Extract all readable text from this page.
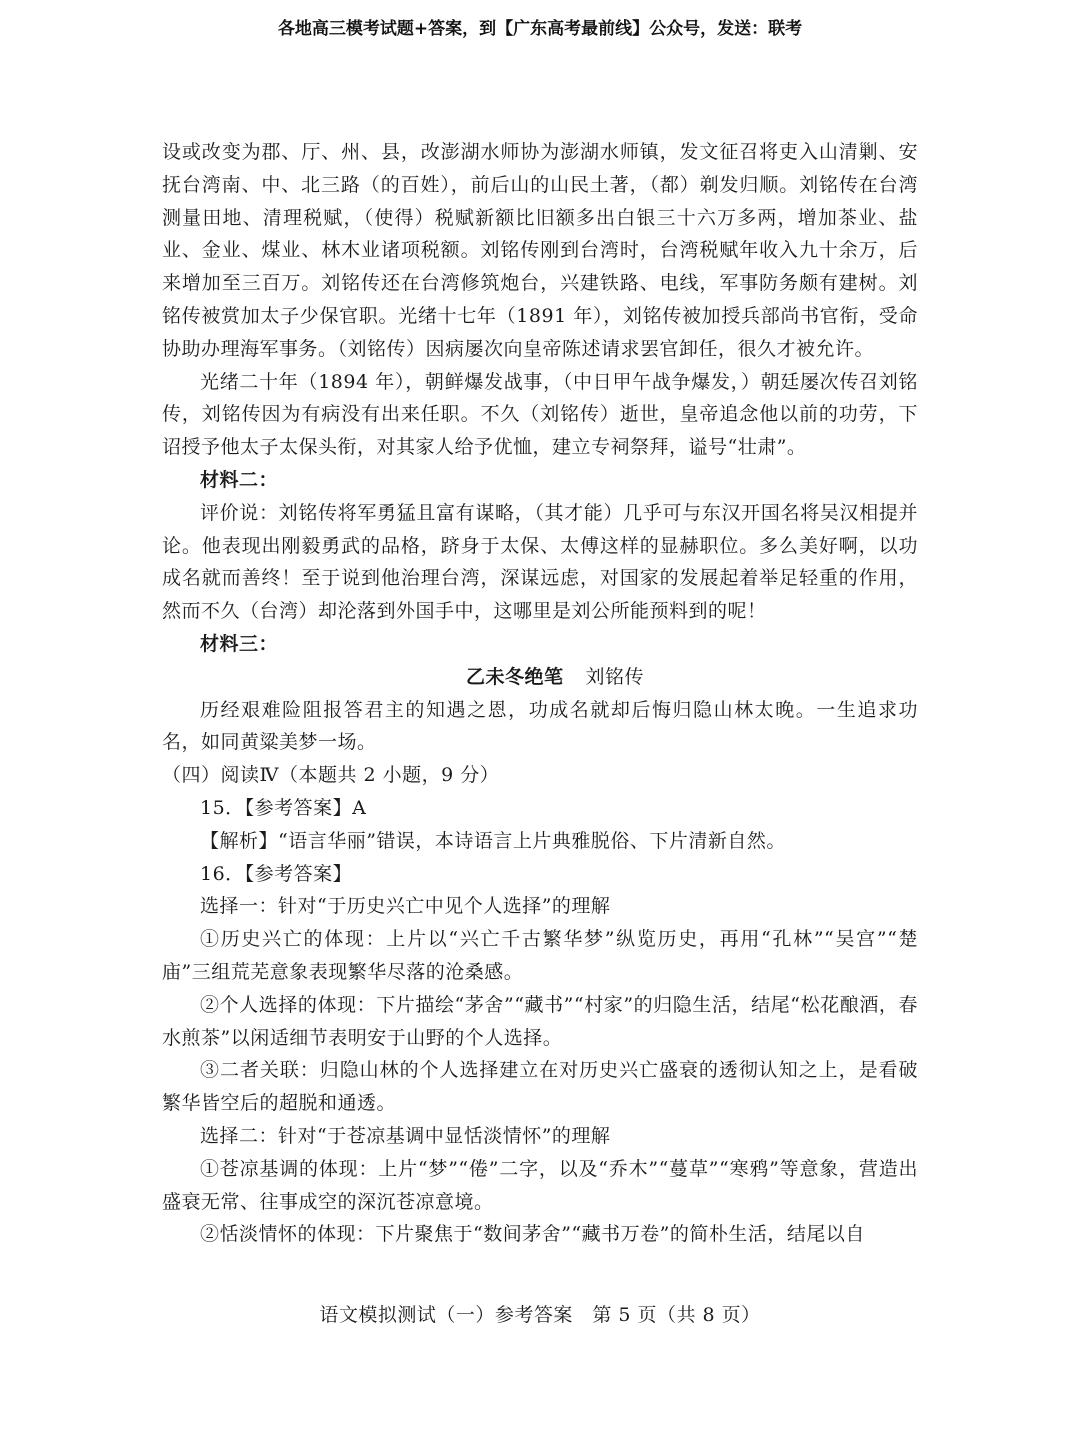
各地高三模考试题+答案，到【广东高考最前线】公众号，发送：联考

设或改变为郡、厅、州、县，改澎湖水师协为澎湖水师镇，发文征召将吏入山清剿、安抚台湾南、中、北三路（的百姓），前后山的山民土著，（都）剃发归顺。刘铭传在台湾测量田地、清理税赋，（使得）税赋新额比旧额多出白银三十六万多两，增加茶业、盐业、金业、煤业、林木业诸项税额。刘铭传刚到台湾时，台湾税赋年收入九十余万，后来增加至三百万。刘铭传还在台湾修筑炮台，兴建铁路、电线，军事防务颇有建树。刘铭传被赏加太子少保官职。光绪十七年（1891 年），刘铭传被加授兵部尚书官衔，受命协助办理海军事务。（刘铭传）因病屡次向皇帝陈述请求罢官卸任，很久才被允许。

光绪二十年（1894 年），朝鲜爆发战事，（中日甲午战争爆发，）朝廷屡次传召刘铭传，刘铭传因为有病没有出来任职。不久（刘铭传）逝世，皇帝追念他以前的功劳，下诏授予他太子太保头衔，对其家人给予优恤，建立专祠祭拜，谥号“壮肃”。

材料二：

评价说：刘铭传将军勇猛且富有谋略，（其才能）几乎可与东汉开国名将吴汉相提并论。他表现出刚毅勇武的品格，跻身于太保、太傅这样的显赫职位。多么美好啊，以功成名就而善终！至于说到他治理台湾，深谋远虑，对国家的发展起着举足轻重的作用，然而不久（台湾）却沦落到外国手中，这哪里是刘公所能预料到的呢！

材料三：

乙未冬绝笔 刘铭传

历经艰难险阻报答君主的知遇之恩，功成名就却后悔归隐山林太晚。一生追求功名，如同黄粱美梦一场。

（四）阅读Ⅳ（本题共 2 小题，9 分）

15．【参考答案】A

【解析】“语言华丽”错误，本诗语言上片典雅脱俗、下片清新自然。

16．【参考答案】

选择一：针对“于历史兴亡中见个人选择”的理解

①历史兴亡的体现：上片以“兴亡千古繁华梦”纵览历史，再用“孔林”“吴宫”“楚庙”三组荒芜意象表现繁华尽落的沧桑感。

②个人选择的体现：下片描绘“茅舍”“藏书”“村家”的归隐生活，结尾“松花酿酒，春水煎茶”以闲适细节表明安于山野的个人选择。

③二者关联：归隐山林的个人选择建立在对历史兴亡盛衰的透彻认知之上，是看破繁华皆空后的超脱和通透。

选择二：针对“于苍凉基调中显恬淡情怀”的理解

①苍凉基调的体现：上片“梦”“倦”二字，以及“乔木”“蔓草”“寒鸦”等意象，营造出盛衰无常、往事成空的深沉苍凉意境。

②恬淡情怀的体现：下片聚焦于“数间茅舍”“藏书万卷”的简朴生活，结尾以自

语文模拟测试（一）参考答案　第 5 页（共 8 页）
